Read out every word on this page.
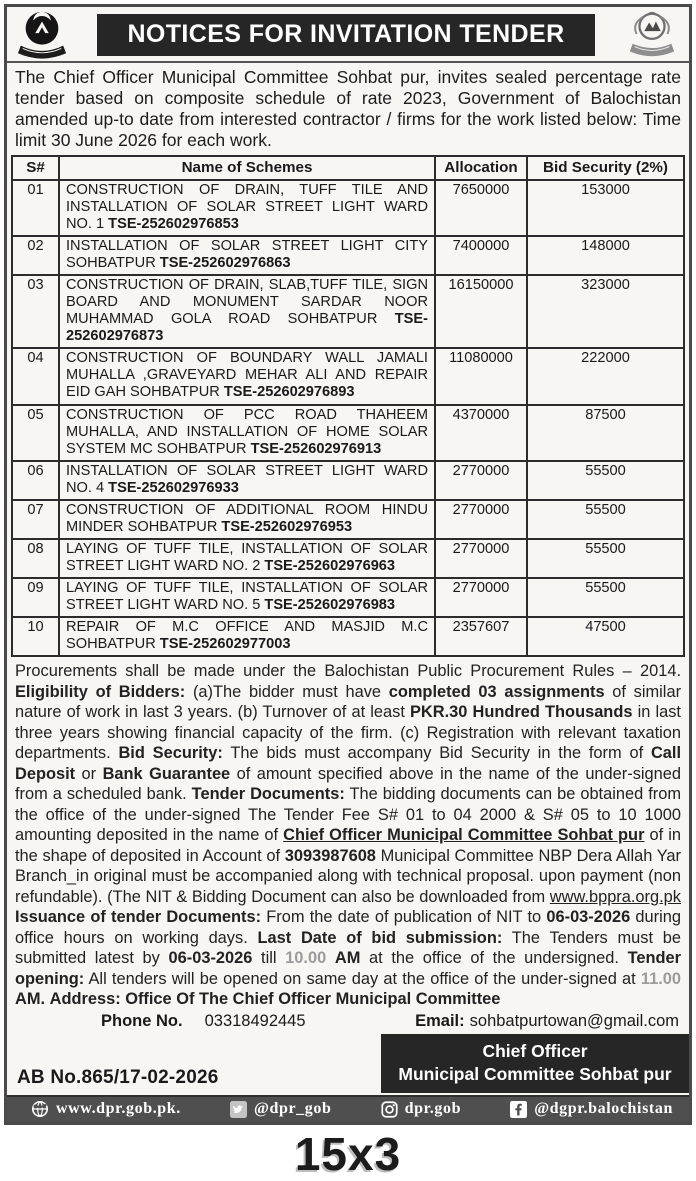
NOTICES FOR INVITATION TENDER

The Chief Officer Municipal Committee Sohbat pur, invites sealed percentage rate tender based on composite schedule of rate 2023, Government of Balochistan amended up-to date from interested contractor / firms for the work listed below: Time limit 30 June 2026 for each work.

S#	Name of Schemes	Allocation	Bid Security (2%)
01	CONSTRUCTION OF DRAIN, TUFF TILE AND INSTALLATION OF SOLAR STREET LIGHT WARD NO. 1 TSE-252602976853	7650000	153000
02	INSTALLATION OF SOLAR STREET LIGHT CITY SOHBATPUR TSE-252602976863	7400000	148000
03	CONSTRUCTION OF DRAIN, SLAB,TUFF TILE, SIGN BOARD AND MONUMENT SARDAR NOOR MUHAMMAD GOLA ROAD SOHBATPUR TSE-252602976873	16150000	323000
04	CONSTRUCTION OF BOUNDARY WALL JAMALI MUHALLA ,GRAVEYARD MEHAR ALI AND REPAIR EID GAH SOHBATPUR TSE-252602976893	11080000	222000
05	CONSTRUCTION OF PCC ROAD THAHEEM MUHALLA, AND INSTALLATION OF HOME SOLAR SYSTEM MC SOHBATPUR TSE-252602976913	4370000	87500
06	INSTALLATION OF SOLAR STREET LIGHT WARD NO. 4 TSE-252602976933	2770000	55500
07	CONSTRUCTION OF ADDITIONAL ROOM HINDU MINDER SOHBATPUR TSE-252602976953	2770000	55500
08	LAYING OF TUFF TILE, INSTALLATION OF SOLAR STREET LIGHT WARD NO. 2 TSE-252602976963	2770000	55500
09	LAYING OF TUFF TILE, INSTALLATION OF SOLAR STREET LIGHT WARD NO. 5 TSE-252602976983	2770000	55500
10	REPAIR OF M.C OFFICE AND MASJID M.C SOHBATPUR TSE-252602977003	2357607	47500

Procurements shall be made under the Balochistan Public Procurement Rules – 2014. Eligibility of Bidders: (a)The bidder must have completed 03 assignments of similar nature of work in last 3 years. (b) Turnover of at least PKR.30 Hundred Thousands in last three years showing financial capacity of the firm. (c) Registration with relevant taxation departments. Bid Security: The bids must accompany Bid Security in the form of Call Deposit or Bank Guarantee of amount specified above in the name of the under-signed from a scheduled bank. Tender Documents: The bidding documents can be obtained from the office of the under-signed The Tender Fee S# 01 to 04 2000 & S# 05 to 10 1000 amounting deposited in the name of Chief Officer Municipal Committee Sohbat pur of in the shape of deposited in Account of 3093987608 Municipal Committee NBP Dera Allah Yar Branch_in original must be accompanied along with technical proposal. upon payment (non refundable). (The NIT & Bidding Document can also be downloaded from www.bppra.org.pk Issuance of tender Documents: From the date of publication of NIT to 06-03-2026 during office hours on working days. Last Date of bid submission: The Tenders must be submitted latest by 06-03-2026 till 10.00 AM at the office of the undersigned. Tender opening: All tenders will be opened on same day at the office of the under-signed at 11.00 AM. Address: Office Of The Chief Officer Municipal Committee

Phone No. 03318492445	Email: sohbatpurtowan@gmail.com
AB No.865/17-02-2026
Chief Officer
Municipal Committee Sohbat pur
www.dpr.gob.pk.	@dpr_gob	dpr.gob	@dgpr.balochistan
15x3
